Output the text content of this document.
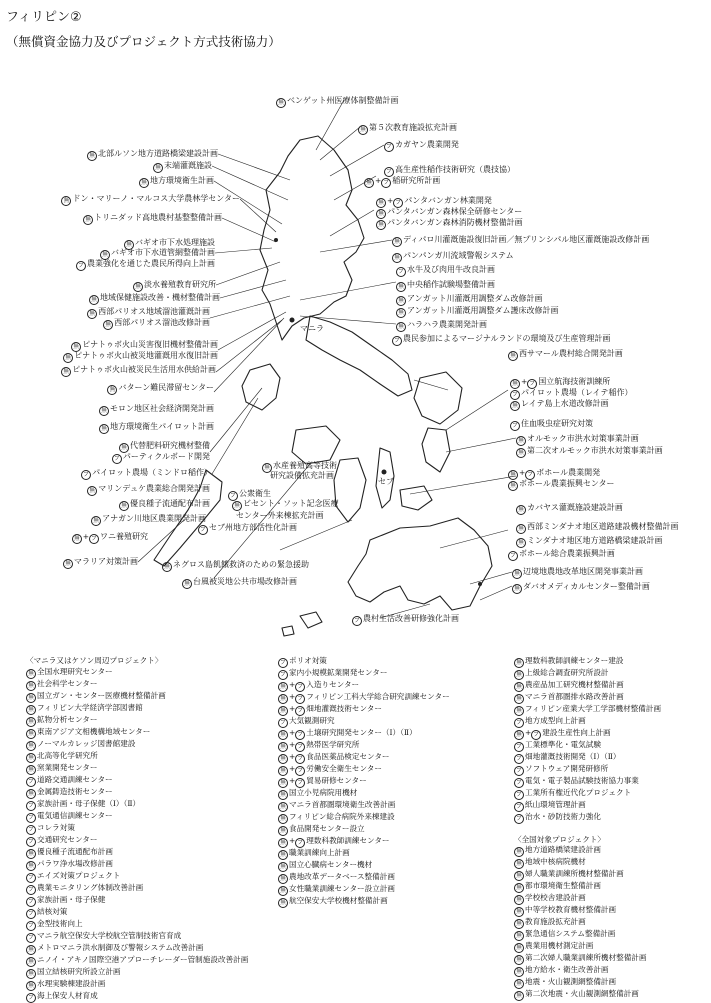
フィリピン②
（無償資金協力及びプロジェクト方式技術協力）
マニラ
セブ
無 北部ルソン地方道路橋梁建設計画
無 末端灌漑施設
無 地方環境衛生計画
無 ドン・マリーノ・マルコス大学農林学センター
無 トリニダッド高地農村基整整備計画
無 バギオ市下水処理施設
無 バギオ市下水道管網整備計画
プ 農業強化を通じた農民所得向上計画
無 淡水養殖教育研究所
無 地域保健施設改善・機材整備計画
無 西部パリオス地域溜池灌漑計画
無 西部パリオス溜池改修計画
無 ピナトゥボ火山災害復旧機材整備計画
無 ピナトゥボ火山被災地灌漑用水復旧計画
無 ピナトゥボ火山被災民生活用水供給計画
無 バターン難民滞留センター
無 モロン地区社会経済開発計画
無 地方環境衛生パイロット計画
無 代替肥料研究機材整備
プ パーティクルボード開発
プ パイロット農場（ミンドロ稲作）
無 マリンデュケ農業総合開発計画
無 優良種子流通配布計画
無 アナガン川地区農業開発計画
無 + プ ワニ養殖研究
無 マラリア対策計画
無 ベンゲット州医療体制整備計画
無 第５次教育施設拡充計画
プ カガヤン農業開発
プ 高生産性稲作技術研究（農技協）
無 + プ 稲研究所計画
無 + プ パンタバンガン林業開発
無 パンタバンガン森林保全研修センター
無 パンタバンガン森林消防機材整備計画
無 ディパロ川灌漑施設復旧計画／無プリンシパル地区灌漑施設改修計画
無 パンパンガ川流域警報システム
プ 水牛及び肉用牛改良計画
無 中央稲作試験場整備計画
無 アンガット川灌漑用調整ダム改修計画
無 アンガット川灌漑用調整ダム護床改修計画
無 ハラハラ農業開発計画
プ 農民参加によるマージナルランドの環境及び生産管理計画
無 西サマール農村総合開発計画
無 + プ 国立航海技術訓練所
プ パイロット農場（レイテ稲作）
無 レイテ島上水道改修計画
プ 住血吸虫症研究対策
無 オルモック市洪水対策事業計画
無 第二次オルモック市洪水対策事業計画
無 + プ ボホール農業開発
無 ボホール農業振興センター
無 カバヤス灌漑施設建設計画
無 西部ミンダナオ地区道路建設機材整備計画
無 ミンダナオ地区地方道路橋梁建設計画
プ ボホール総合農業振興計画
無 辺境地農地改革地区開発事業計画
無 ダバオメディカルセンター整備計画
無 水産養殖高等技術
研究設備拡充計画
プ 公衆衛生
無 ビセント・ソット記念医療
センター外来棟拡充計画
プ セブ州地方部活性化計画
無 ネグロス島飢餓救済のための緊急援助
無 台風被災地公共市場改修計画
プ 農村生活改善研修強化計画
〈マニラ又はケソン周辺プロジェクト〉
無 全国水理研究センター
無 社会科学センター
無 国立ガン・センター医療機材整備計画
無 フィリピン大学経済学部図書館
無 鉱物分析センター
無 東南アジア文相機構地域センター
無 ノーマルカレッジ図書館建設
無 北高等化学研究所
無 窯業開発センター
プ 道路交通訓練センター
無 金属鋳造技術センター
プ 家族計画・母子保健（Ⅰ）（Ⅱ）
プ 電気通信訓練センター
プ コレラ対策
プ 交通研究センター
無 優良種子流通配布計画
無 パラワ浄水場改修計画
プ エイズ対策プロジェクト
プ 農業モニタリング体制改善計画
プ 家族計画・母子保健
プ 結核対策
プ 金型技術向上
プ マニラ航空保安大学校航空管制技術官育成
無 メトロマニラ洪水制御及び警報システム改善計画
無 ニノイ・アキノ国際空港アプローチレーダー管制施設改善計画
無 国立結核研究所設立計画
無 水理実験棟建設計画
プ 海上保安人材育成
プ ポリオ対策
プ 家内小規模鉱業開発センター
無 + プ 入造りセンター
無 + プ フィリピン工科大学総合研究訓練センター
無 + プ 畑地灌漑技術センター
プ 大気観測研究
無 + プ 土壌研究開発センター（Ⅰ）（Ⅱ）
無 + プ 熱帯医学研究所
無 + プ 食品医薬品検定センター
無 + プ 労働安全衛生センター
無 + プ 貿易研修センター
無 国立小児病院用機材
無 マニラ首都圏環境衛生改善計画
無 フィリピン総合病院外来棟建設
無 食品開発センター設立
無 + プ 理数科教師訓練センター
無 職業訓練向上計画
無 国立心臓病センター機材
無 農地改革データベース整備計画
無 女性職業訓練センター設立計画
無 航空保安大学校機材整備計画
無 理数科教師訓練センター建設
無 上級総合調査研究所設計
無 農産品加工研究機材整備計画
無 マニラ首都圏排水路改善計画
無 フィリピン産業大学工学部機材整備計画
プ 地方成型向上計画
無 + プ 建設生産性向上計画
プ 工業標準化・電気試験
プ 畑地灌漑技術開発（Ⅰ）（Ⅱ）
プ ソフトウェア開発研修所
プ 電気・電子製品試験技術協力事業
プ 工業所有権近代化プロジェクト
プ 紙山環境管理計画
プ 治水・砂防技術力強化

〈全国対象プロジェクト〉
無 地方道路橋梁建設計画
無 地域中核病院機材
無 婦人職業訓練所機材整備計画
無 都市環境衛生整備計画
無 学校校舎建設計画
無 中等学校教育機材整備計画
無 教育施設拡充計画
無 緊急通信システム整備計画
無 農業用機材測定計画
無 第二次婦人職業訓練所機材整備計画
無 地方給水・衛生改善計画
無 地震・火山観測網整備計画
無 第二次地震・火山観測網整備計画
